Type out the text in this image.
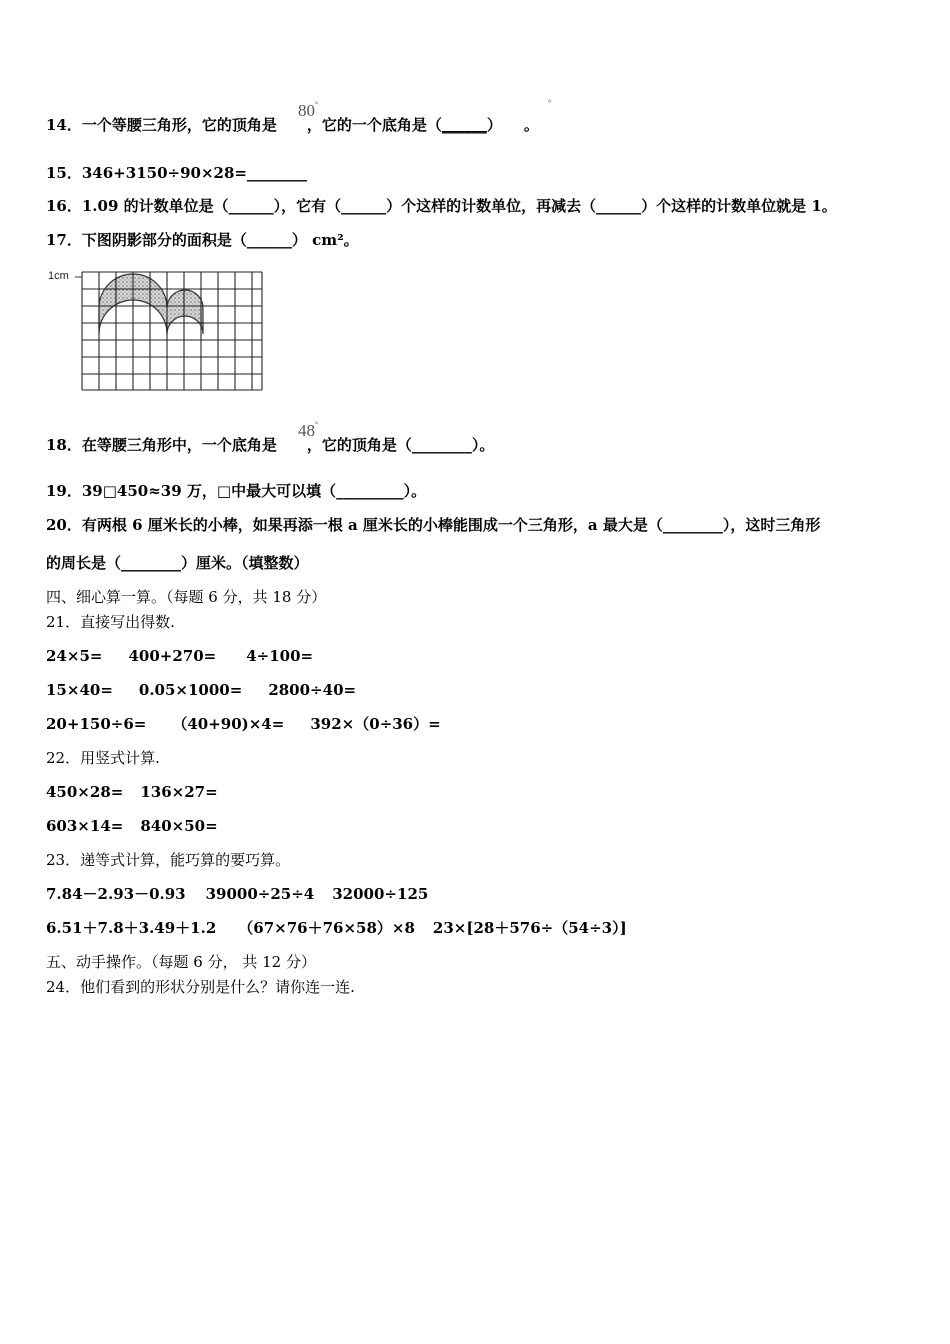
14．一个等腰三角形，它的顶角是 ，它的一个底角是（______） 。
80°	°
15．346+3150÷90×28=________
16．1.09 的计数单位是（______），它有（______）个这样的计数单位，再减去（______）个这样的计数单位就是 1。
17．下图阴影部分的面积是（______） cm²。
1cm
18．在等腰三角形中，一个底角是 ，它的顶角是（________）。
48°
19．39□450≈39 万，□中最大可以填（_________）。
20．有两根 6 厘米长的小棒，如果再添一根 a 厘米长的小棒能围成一个三角形，a 最大是（________），这时三角形
的周长是（________）厘米。（填整数）
四、细心算一算。（每题 6 分，共 18 分）
21．直接写出得数.
24×5= 400+270= 4÷100=
15×40= 0.05×1000= 2800÷40=
20+150÷6= （40+90)×4= 392×（0÷36）=
22．用竖式计算.
450×28= 136×27=
603×14= 840×50=
23．递等式计算，能巧算的要巧算。
7.84－2.93－0.93 39000÷25÷4 32000÷125
6.51＋7.8＋3.49＋1.2 （67×76＋76×58）×8 23×[28＋576÷（54÷3）]
五、动手操作。（每题 6 分， 共 12 分）
24．他们看到的形状分别是什么？请你连一连.
